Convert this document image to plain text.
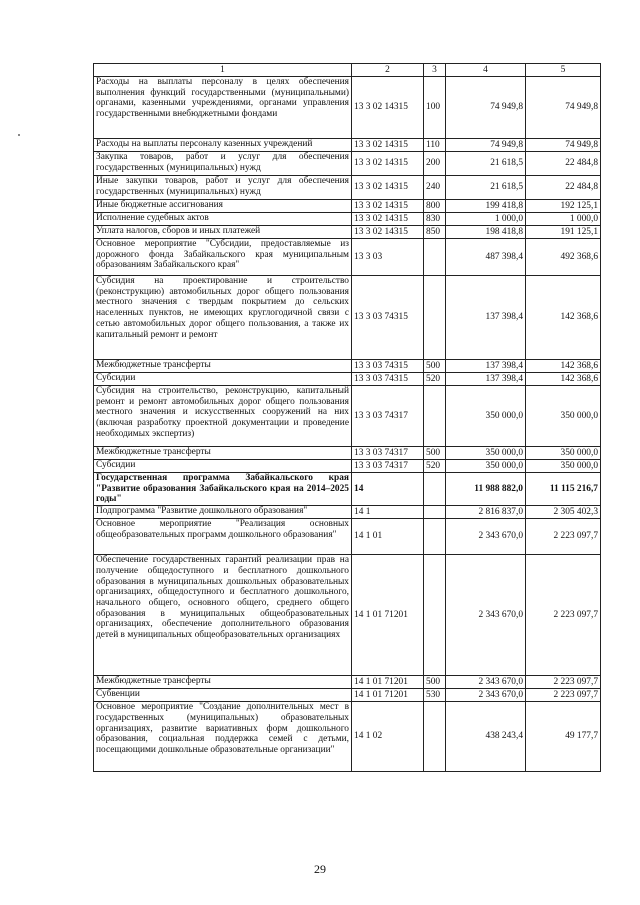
1	2	3	4	5
Расходы на выплаты персоналу в целях обеспечения выполнения функций государственными (муниципальными) органами, казенными учреждениями, органами управления государственными внебюджетными фондами	13 3 02 14315	100	74 949,8	74 949,8
Расходы на выплаты персоналу казенных учреждений	13 3 02 14315	110	74 949,8	74 949,8
Закупка товаров, работ и услуг для обеспечения государственных (муниципальных) нужд	13 3 02 14315	200	21 618,5	22 484,8
Иные закупки товаров, работ и услуг для обеспечения государственных (муниципальных) нужд	13 3 02 14315	240	21 618,5	22 484,8
Иные бюджетные ассигнования	13 3 02 14315	800	199 418,8	192 125,1
Исполнение судебных актов	13 3 02 14315	830	1 000,0	1 000,0
Уплата налогов, сборов и иных платежей	13 3 02 14315	850	198 418,8	191 125,1
Основное мероприятие "Субсидии, предоставляемые из дорожного фонда Забайкальского края муниципальным образованиям Забайкальского края"	13 3 03		487 398,4	492 368,6
Субсидия на проектирование и строительство (реконструкцию) автомобильных дорог общего пользования местного значения с твердым покрытием до сельских населенных пунктов, не имеющих круглогодичной связи с сетью автомобильных дорог общего пользования, а также их капитальный ремонт и ремонт	13 3 03 74315		137 398,4	142 368,6
Межбюджетные трансферты	13 3 03 74315	500	137 398,4	142 368,6
Субсидии	13 3 03 74315	520	137 398,4	142 368,6
Субсидия на строительство, реконструкцию, капитальный ремонт и ремонт автомобильных дорог общего пользования местного значения и искусственных сооружений на них (включая разработку проектной документации и проведение необходимых экспертиз)	13 3 03 74317		350 000,0	350 000,0
Межбюджетные трансферты	13 3 03 74317	500	350 000,0	350 000,0
Субсидии	13 3 03 74317	520	350 000,0	350 000,0
Государственная программа Забайкальского края "Развитие образования Забайкальского края на 2014–2025 годы"	14		11 988 882,0	11 115 216,7
Подпрограмма "Развитие дошкольного образования"	14 1		2 816 837,0	2 305 402,3
Основное мероприятие "Реализация основных общеобразовательных программ дошкольного образования"	14 1 01		2 343 670,0	2 223 097,7
Обеспечение государственных гарантий реализации прав на получение общедоступного и бесплатного дошкольного образования в муниципальных дошкольных образовательных организациях, общедоступного и бесплатного дошкольного, начального общего, основного общего, среднего общего образования в муниципальных общеобразовательных организациях, обеспечение дополнительного образования детей в муниципальных общеобразовательных организациях	14 1 01 71201		2 343 670,0	2 223 097,7
Межбюджетные трансферты	14 1 01 71201	500	2 343 670,0	2 223 097,7
Субвенции	14 1 01 71201	530	2 343 670,0	2 223 097,7
Основное мероприятие "Создание дополнительных мест в государственных (муниципальных) образовательных организациях, развитие вариативных форм дошкольного образования, социальная поддержка семей с детьми, посещающими дошкольные образовательные организации"	14 1 02		438 243,4	49 177,7
29
